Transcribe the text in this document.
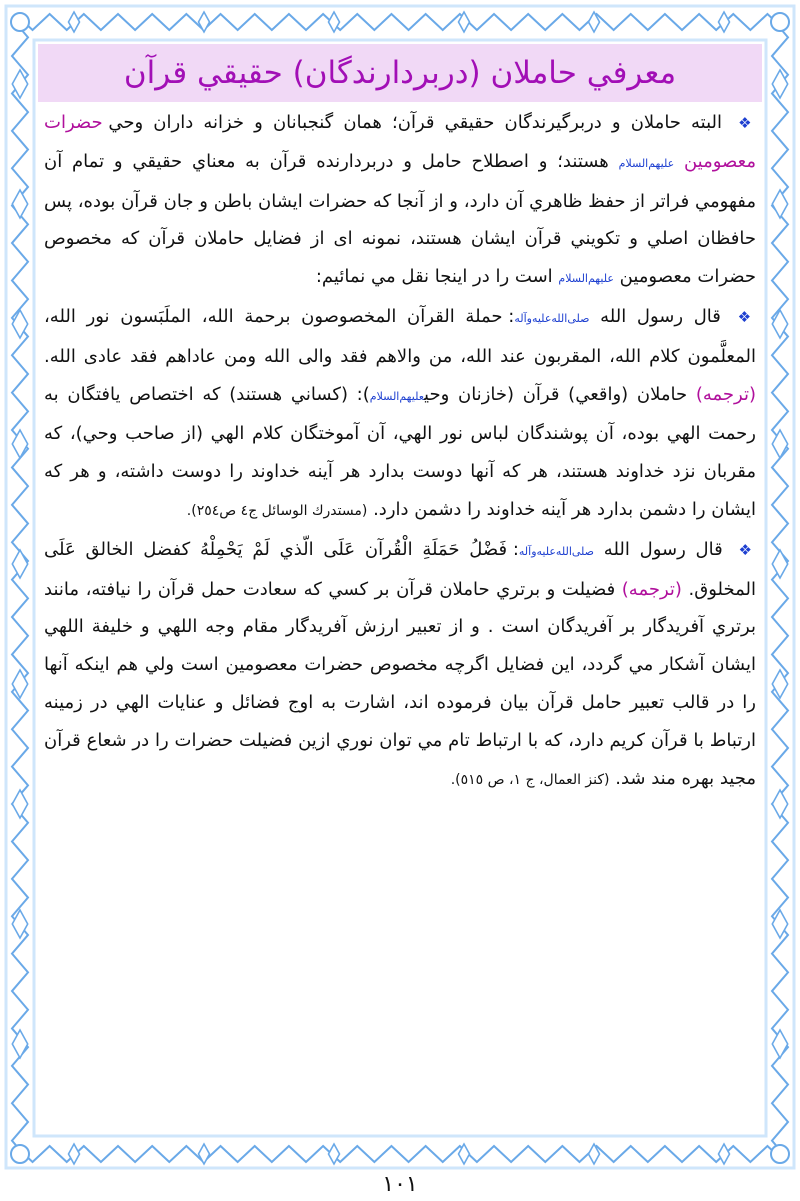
معرفي حاملان (دربردارندگان) حقيقي قرآن

❖ البته حاملان و دربرگيرندگان حقيقي قرآن؛ همان گنجبانان و خزانه داران وحي حضرات معصومين عليهم‌السلام هستند؛ و اصطلاح حامل و دربردارنده قرآن به معناي حقيقي و تمام آن مفهومي فراتر از حفظ ظاهري آن دارد، و از آنجا كه حضرات ايشان باطن و جان قرآن بوده، پس حافظان اصلي و تكويني قرآن ايشان هستند، نمونه اى از فضايل حاملان قرآن كه مخصوص حضرات معصومين عليهم‌السلام است را در اينجا نقل مي نمائيم:

❖ قال رسول الله صلى‌الله‌عليه‌وآله: حملة القرآن المخصوصون برحمة الله، الملَبَسون نور الله، المعلَّمون كلام الله، المقربون عند الله، من والاهم فقد والى الله ومن عاداهم فقد عادى الله. (ترجمه) حاملان (واقعي) قرآن (خازنان وحيعليهم‌السلام): (كساني هستند) كه اختصاص يافتگان به رحمت الهي بوده، آن پوشندگان لباس نور الهي، آن آموختگان كلام الهي (از صاحب وحي)، كه مقربان نزد خداوند هستند، هر كه آنها دوست بدارد هر آينه خداوند را دوست داشته، و هر كه ايشان را دشمن بدارد هر آينه خداوند را دشمن دارد. (مستدرك الوسائل ج٤ ص٢٥٤).

❖ قال رسول الله صلى‌الله‌عليه‌وآله: فَضْلُ حَمَلَةِ الْقُرآن عَلَى الّذي لَمْ يَحْمِلْهُ كفضل الخالق عَلَى المخلوق. (ترجمه) فضيلت و برتري حاملان قرآن بر كسي كه سعادت حمل قرآن را نيافته، مانند برتري آفريدگار بر آفريدگان است . و از تعبير ارزش آفريدگار مقام وجه اللهي و خليفة اللهي ايشان آشكار مي گردد، اين فضايل اگرچه مخصوص حضرات معصومين است ولي هم اينكه آنها را در قالب تعبير حامل قرآن بيان فرموده اند، اشارت به اوج فضائل و عنايات الهي در زمينه ارتباط با قرآن كريم دارد، كه با ارتباط تام مي توان نوري ازين فضيلت حضرات را در شعاع قرآن مجيد بهره مند شد. (كنز العمال، ج ١، ص ٥١٥).

١٠١
